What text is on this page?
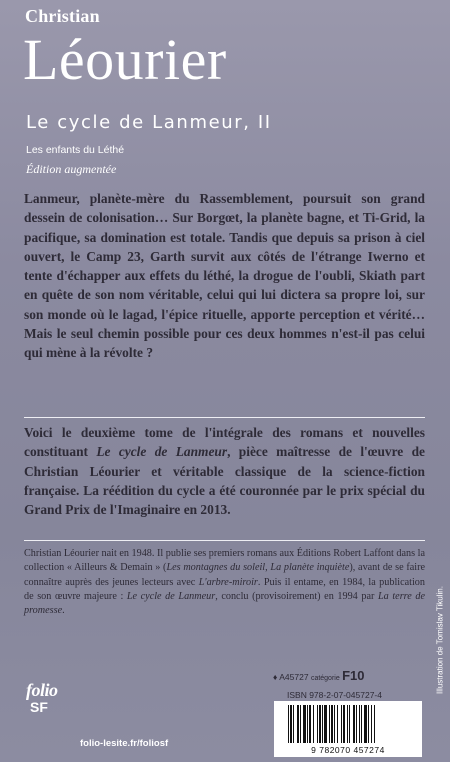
Christian
Léourier
Le cycle de Lanmeur, II
Les enfants du Léthé
Édition augmentée

Lanmeur, planète-mère du Rassemblement, poursuit son grand dessein de colonisation… Sur Borgœt, la planète bagne, et Ti-Grid, la pacifique, sa domination est totale. Tandis que depuis sa prison à ciel ouvert, le Camp 23, Garth survit aux côtés de l'étrange Iwerno et tente d'échapper aux effets du léthé, la drogue de l'oubli, Skiath part en quête de son nom véritable, celui qui lui dictera sa propre loi, sur son monde où le lagad, l'épice rituelle, apporte perception et vérité… Mais le seul chemin possible pour ces deux hommes n'est-il pas celui qui mène à la révolte ?

Voici le deuxième tome de l'intégrale des romans et nouvelles constituant Le cycle de Lanmeur, pièce maîtresse de l'œuvre de Christian Léourier et véritable classique de la science-fiction française. La réédition du cycle a été couronnée par le prix spécial du Grand Prix de l'Imaginaire en 2013.

Christian Léourier nait en 1948. Il publie ses premiers romans aux Éditions Robert Laffont dans la collection « Ailleurs & Demain » (Les montagnes du soleil, La planète inquiète), avant de se faire connaître auprès des jeunes lecteurs avec L'arbre-miroir. Puis il entame, en 1984, la publication de son œuvre majeure : Le cycle de Lanmeur, conclu (provisoirement) en 1994 par La terre de promesse.	Illustration de Tomislav Tikulin.
folio
SF
folio-lesite.fr/foliosf
♦ A45727 catégorie F10
ISBN 978-2-07-045727-4
9 782070 457274
